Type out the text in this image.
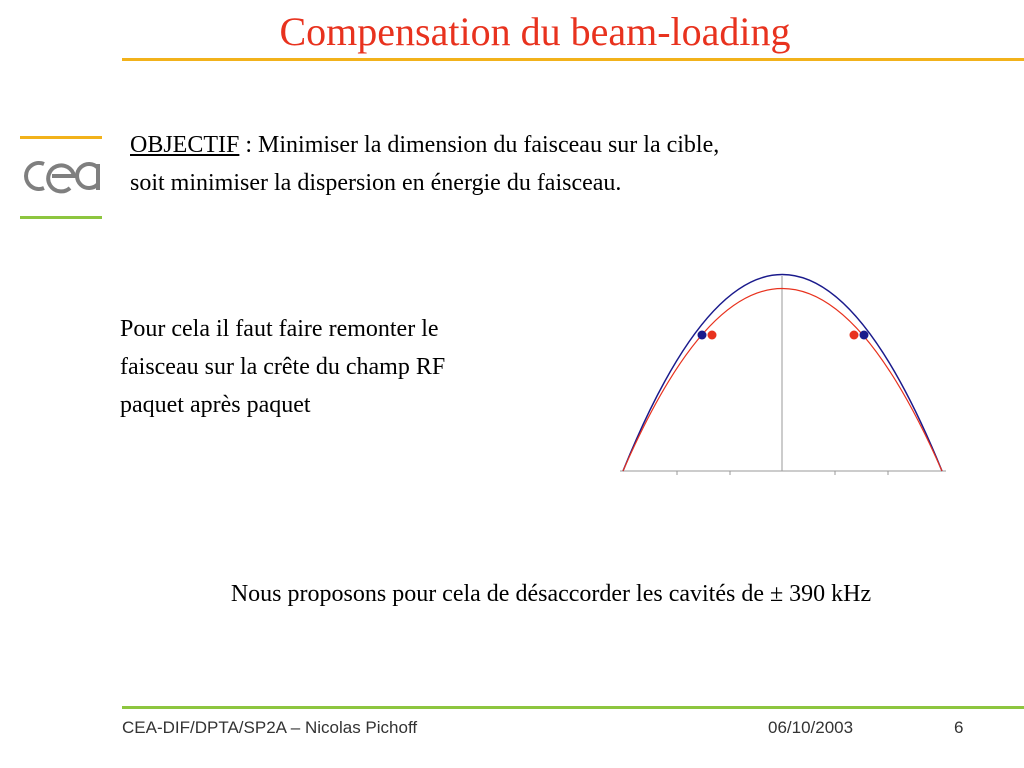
Compensation du beam-loading
OBJECTIF : Minimiser la dimension du faisceau sur la cible,
soit minimiser la dispersion en énergie du faisceau.
Pour cela il faut faire remonter le
faisceau sur la crête du champ RF
paquet après paquet
Nous proposons pour cela de désaccorder les cavités de ± 390 kHz
CEA-DIF/DPTA/SP2A – Nicolas Pichoff	06/10/2003	6
